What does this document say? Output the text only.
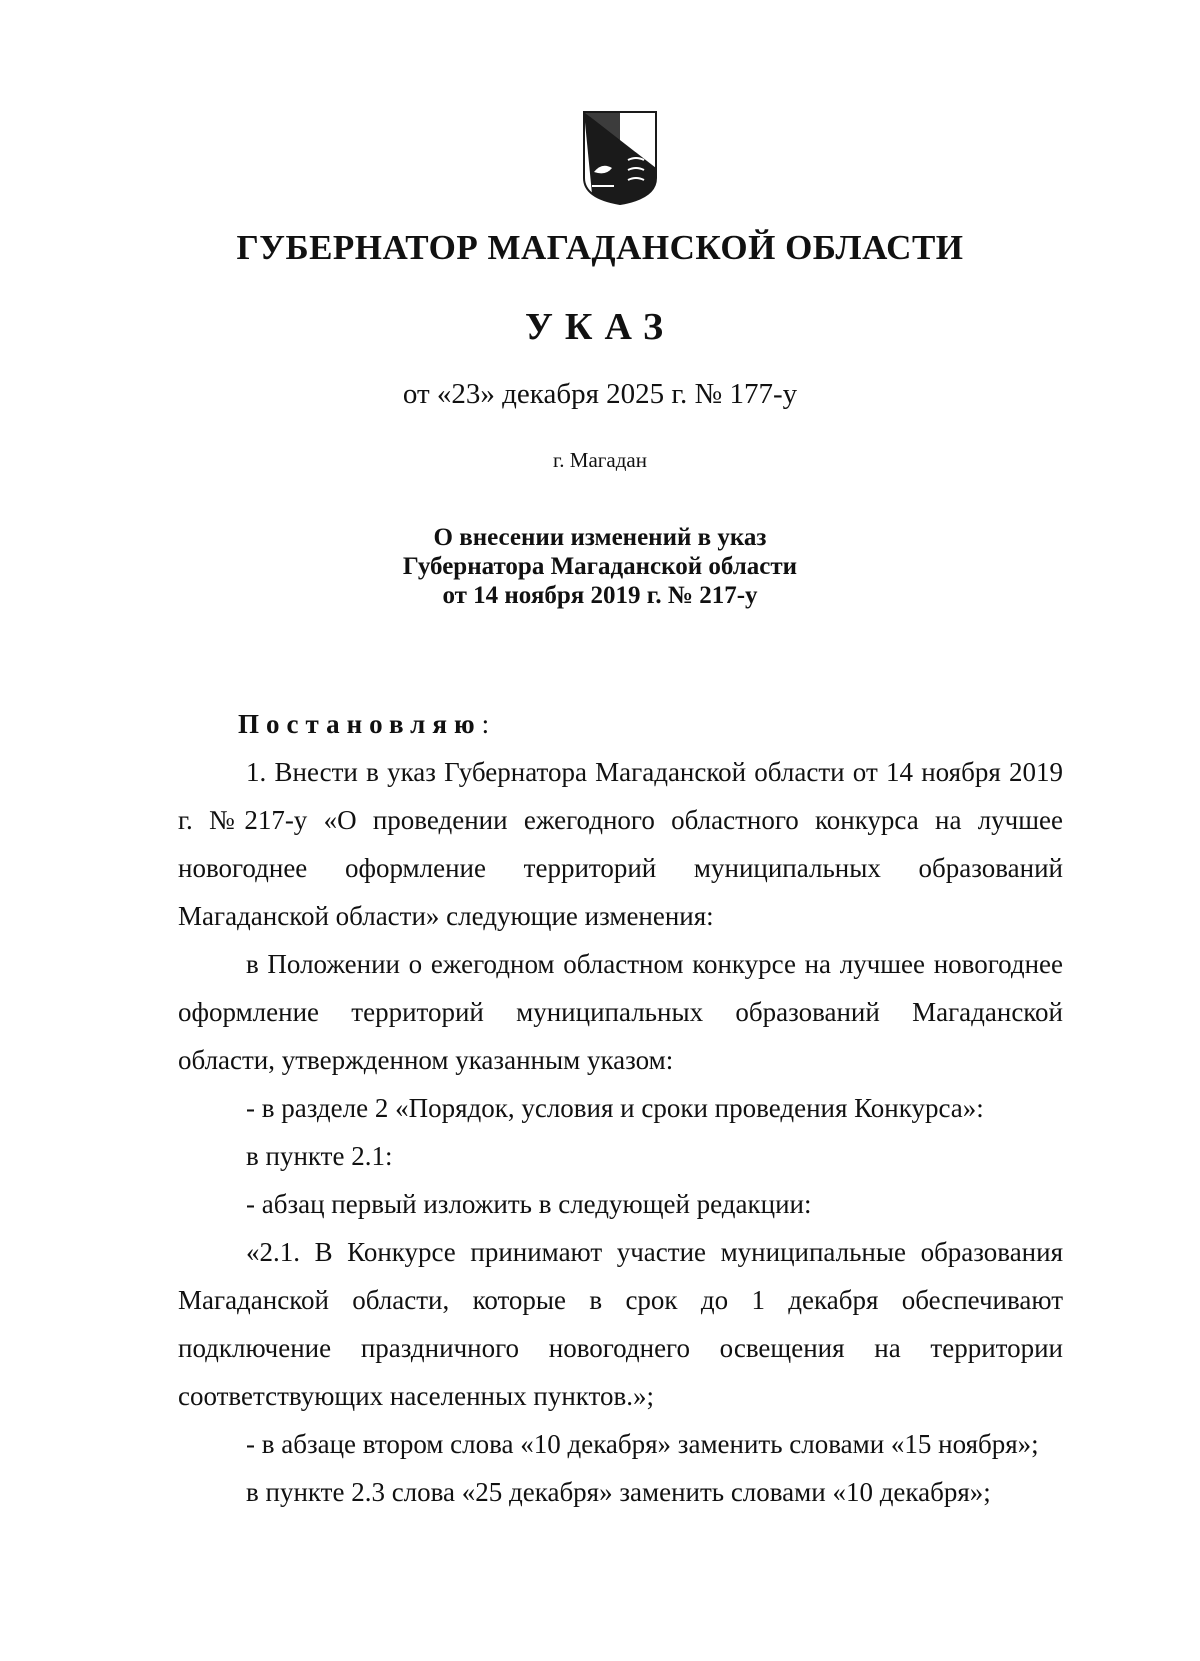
ГУБЕРНАТОР МАГАДАНСКОЙ ОБЛАСТИ
УКАЗ
от «23» декабря 2025 г. № 177-у
г. Магадан
О внесении изменений в указ
Губернатора Магаданской области
от 14 ноября 2019 г. № 217-у

Постановляю:

1. Внести в указ Губернатора Магаданской области от 14 ноября 2019 г. №217-у «О проведении ежегодного областного конкурса на лучшее новогоднее оформление территорий муниципальных образований Магаданской области» следующие изменения:

в Положении о ежегодном областном конкурсе на лучшее новогоднее оформление территорий муниципальных образований Магаданской области, утвержденном указанным указом:

- в разделе 2 «Порядок, условия и сроки проведения Конкурса»:

в пункте 2.1:

- абзац первый изложить в следующей редакции:

«2.1. В Конкурсе принимают участие муниципальные образования Магаданской области, которые в срок до 1 декабря обеспечивают подключение праздничного новогоднего освещения на территории соответствующих населенных пунктов.»;

- в абзаце втором слова «10 декабря» заменить словами «15 ноября»;

в пункте 2.3 слова «25 декабря» заменить словами «10 декабря»;
